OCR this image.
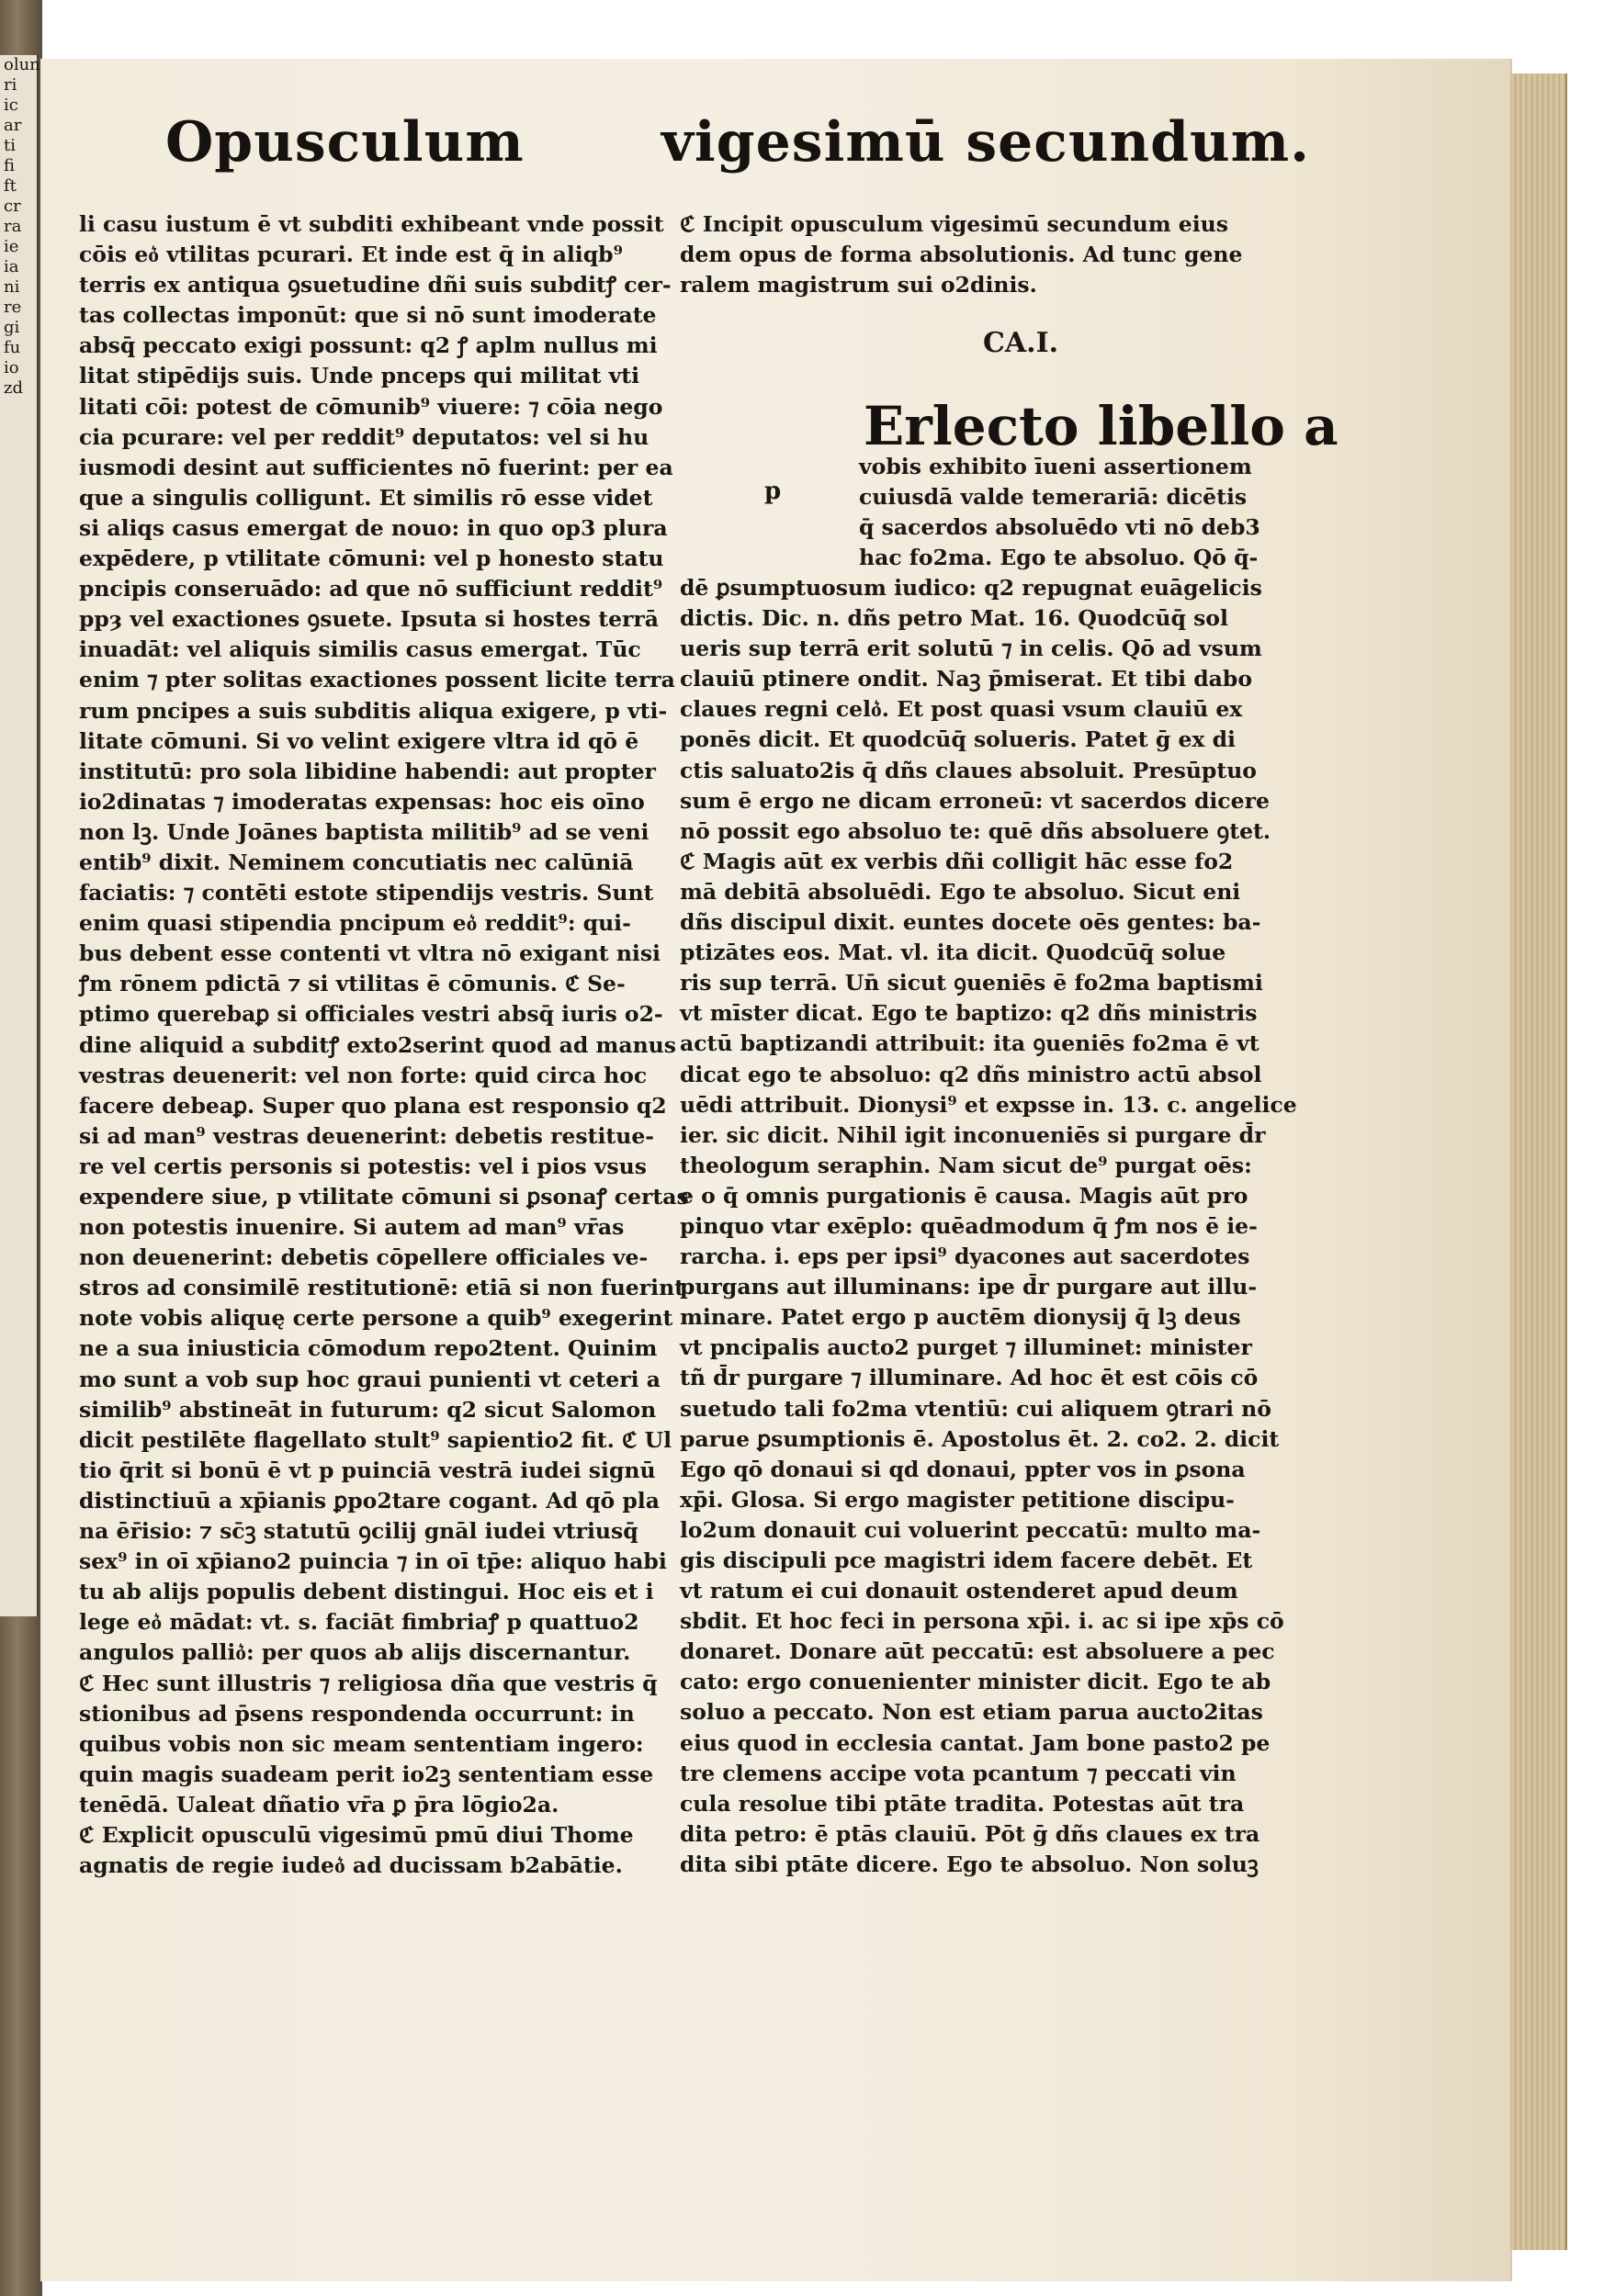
olun
ri
ic
ar
ti
fi
ft
cr
ra
ie
ia
ni
re
gi
fu
io
zd
Opusculum vigesimū secundum.
li casu iustum ē vt subditi exhibeant vnde possit
cōis eo͛ vtilitas pcurari. Et inde est q̄ in aliqb⁹
terris ex antiqua ꝯsuetudine dñi suis subditꝭ cer-
tas collectas imponūt: que si nō sunt imoderate
absq̄ peccato exigi possunt: q2 ꝭ aplm nullus mi
litat stipēdijs suis. Unde pnceps qui militat vti
litati cōi: potest de cōmunib⁹ viuere: ⁊ cōia nego
cia pcurare: vel per reddit⁹ deputatos: vel si hu
iusmodi desint aut sufficientes nō fuerint: per ea
que a singulis colligunt. Et similis rō esse videt
si aliqs casus emergat de nouo: in quo op3 plura
expēdere, p vtilitate cōmuni: vel p honesto statu
pncipis conseruādo: ad que nō sufficiunt reddit⁹
ppȝ vel exactiones ꝯsuete. Ipsuta si hostes terrā
inuadāt: vel aliquis similis casus emergat. Tūc
enim ⁊ pter solitas exactiones possent licite terra
rum pncipes a suis subditis aliqua exigere, p vti-
litate cōmuni. Si vo velint exigere vltra id qō ē
institutū: pro sola libidine habendi: aut propter
io2dinatas ⁊ imoderatas expensas: hoc eis oīno
non lꝫ. Unde Joānes baptista militib⁹ ad se veni
entib⁹ dixit. Neminem concutiatis nec calūniā
faciatis: ⁊ contēti estote stipendijs vestris. Sunt
enim quasi stipendia pncipum eo͛ reddit⁹: qui-
bus debent esse contenti vt vltra nō exigant nisi
ꝭm rōnem pdictā ⁊ si vtilitas ē cōmunis. ℭ Se-
ptimo querebaꝑ si officiales vestri absq̄ iuris o2-
dine aliquid a subditꝭ exto2serint quod ad manus
vestras deuenerit: vel non forte: quid circa hoc
facere debeaꝑ. Super quo plana est responsio q2
si ad man⁹ vestras deuenerint: debetis restitue-
re vel certis personis si potestis: vel i pios vsus
expendere siue, p vtilitate cōmuni si ꝑsonaꝭ certas
non potestis inuenire. Si autem ad man⁹ vr̄as
non deuenerint: debetis cōpellere officiales ve-
stros ad consimilē restitutionē: etiā si non fuerint
note vobis aliquę certe persone a quib⁹ exegerint
ne a sua iniusticia cōmodum repo2tent. Quinim
mo sunt a vob sup hoc graui punienti vt ceteri a
similib⁹ abstineāt in futurum: q2 sicut Salomon
dicit pestilēte flagellato stult⁹ sapientio2 fit. ℭ Ul
tio q̄rit si bonū ē vt p puinciā vestrā iudei signū
distinctiuū a xp̄ianis ꝑpo2tare cogant. Ad qō pla
na ēr̄isio: ⁊ sc̄ꝫ statutū ꝯcilij gnāl iudei vtriusq̄
sex⁹ in oī xp̄iano2 puincia ⁊ in oī tp̄e: aliquo habi
tu ab alijs populis debent distingui. Hoc eis et i
lege eo͛ mādat: vt. s. faciāt fimbriaꝭ p quattuo2
angulos pallio͛: per quos ab alijs discernantur.
ℭ Hec sunt illustris ⁊ religiosa dña que vestris q̄
stionibus ad p̄sens respondenda occurrunt: in
quibus vobis non sic meam sententiam ingero:
quin magis suadeam perit io2ꝫ sententiam esse
tenēdā. Ualeat dñatio vr̄a ꝑ p̄ra lōgio2a.
ℭ Explicit opusculū vigesimū pmū diui Thome
agnatis de regie iudeo͛ ad ducissam b2abātie.
ℭ Incipit opusculum vigesimū secundum eius
dem opus de forma absolutionis. Ad tunc gene
ralem magistrum sui o2dinis.
CA.I.
Erlecto libello a
p
vobis exhibito īueni assertionem
cuiusdā valde temerariā: dicētis
q̄ sacerdos absoluēdo vti nō deb3
hac fo2ma. Ego te absoluo. Qō q̄-
dē ꝑsumptuosum iudico: q2 repugnat euāgelicis
dictis. Dic. n. dñs petro Mat. 16. Quodcūq̄ sol
ueris sup terrā erit solutū ⁊ in celis. Qō ad vsum
clauiū ptinere ondit. Naꝫ p̄miserat. Et tibi dabo
claues regni celo͛. Et post quasi vsum clauiū ex
ponēs dicit. Et quodcūq̄ solueris. Patet ḡ ex di
ctis saluato2is q̄ dñs claues absoluit. Presūptuo
sum ē ergo ne dicam erroneū: vt sacerdos dicere
nō possit ego absoluo te: quē dñs absoluere ꝯtet.
ℭ Magis aūt ex verbis dñi colligit hāc esse fo2
mā debitā absoluēdi. Ego te absoluo. Sicut eni
dñs discipul dixit. euntes docete oēs gentes: ba-
ptizātes eos. Mat. vl. ita dicit. Quodcūq̄ solue
ris sup terrā. Un̄ sicut ꝯueniēs ē fo2ma baptismi
vt mīster dicat. Ego te baptizo: q2 dñs ministris
actū baptizandi attribuit: ita ꝯueniēs fo2ma ē vt
dicat ego te absoluo: q2 dñs ministro actū absol
uēdi attribuit. Dionysi⁹ et expsse in. 13. c. angelice
ier. sic dicit. Nihil igit inconueniēs si purgare d̄r
theologum seraphin. Nam sicut de⁹ purgat oēs:
e o q̄ omnis purgationis ē causa. Magis aūt pro
pinquo vtar exēplo: quēadmodum q̄ ꝭm nos ē ie-
rarcha. i. eps per ipsi⁹ dyacones aut sacerdotes
purgans aut illuminans: ipe d̄r purgare aut illu-
minare. Patet ergo p auctēm dionysij q̄ lꝫ deus
vt pncipalis aucto2 purget ⁊ illuminet: minister
tñ d̄r purgare ⁊ illuminare. Ad hoc ēt est cōis cō
suetudo tali fo2ma vtentiū: cui aliquem ꝯtrari nō
parue ꝑsumptionis ē. Apostolus ēt. 2. co2. 2. dicit
Ego qō donaui si qd donaui, ppter vos in ꝑsona
xp̄i. Glosa. Si ergo magister petitione discipu-
lo2um donauit cui voluerint peccatū: multo ma-
gis discipuli pce magistri idem facere debēt. Et
vt ratum ei cui donauit ostenderet apud deum
sbdit. Et hoc feci in persona xp̄i. i. ac si ipe xp̄s cō
donaret. Donare aūt peccatū: est absoluere a pec
cato: ergo conuenienter minister dicit. Ego te ab
soluo a peccato. Non est etiam parua aucto2itas
eius quod in ecclesia cantat. Jam bone pasto2 pe
tre clemens accipe vota pcantum ⁊ peccati vin
cula resolue tibi ptāte tradita. Potestas aūt tra
dita petro: ē ptās clauiū. Pōt ḡ dñs claues ex tra
dita sibi ptāte dicere. Ego te absoluo. Non soluꝫ
